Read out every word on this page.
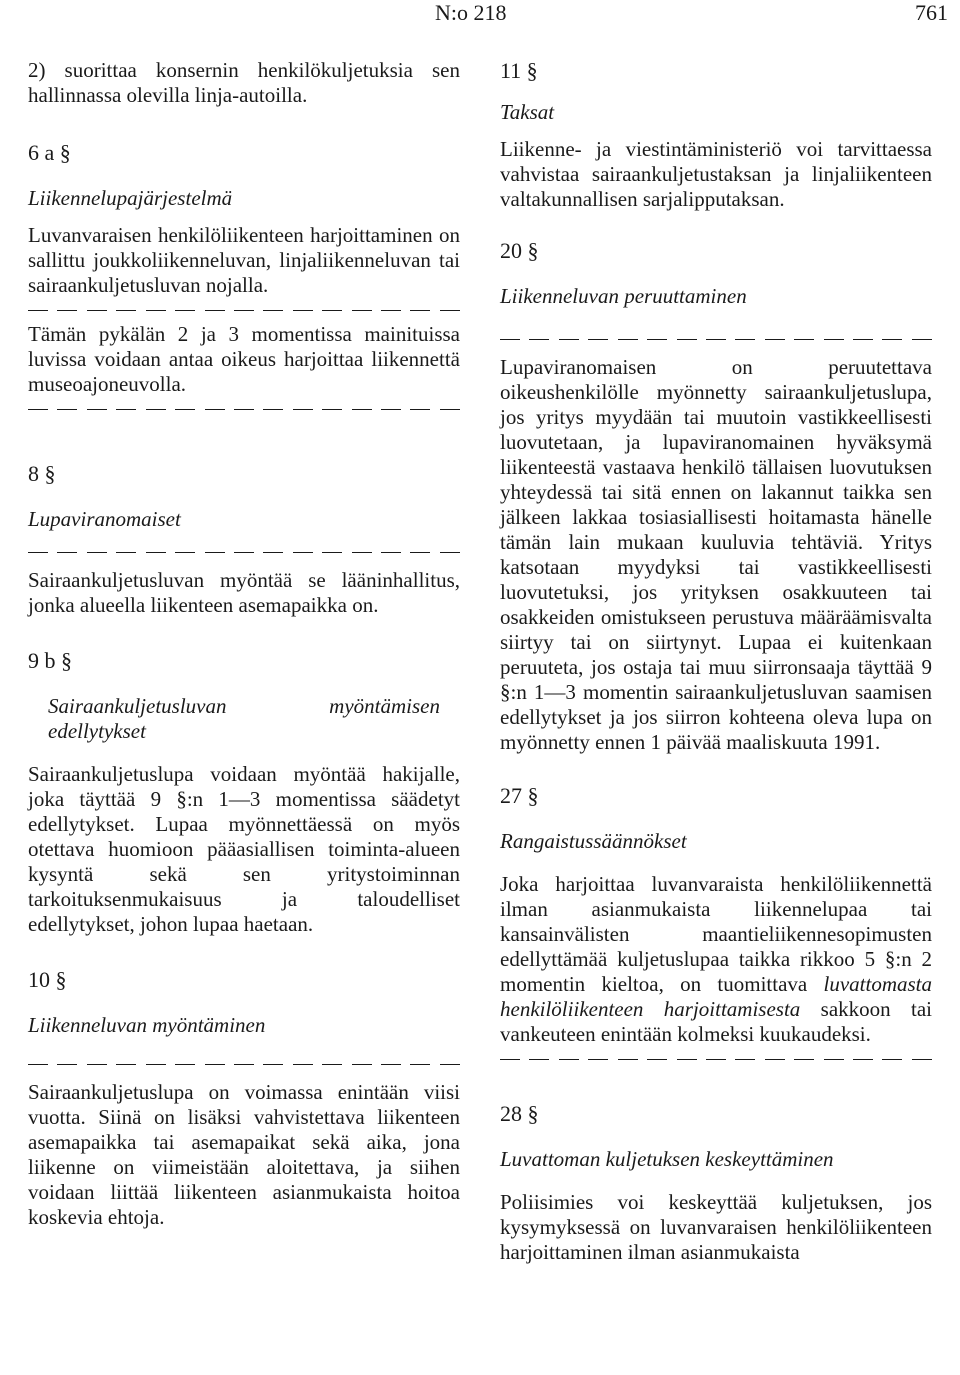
N:o 218	761

2) suorittaa konsernin henkilökuljetuksia sen hallinnassa olevilla linja-autoilla.

6 a §

Liikennelupajärjestelmä

Luvanvaraisen henkilöliikenteen harjoittaminen on sallittu joukkoliikenneluvan, linjaliikenneluvan tai sairaankuljetusluvan nojalla.

Tämän pykälän 2 ja 3 momentissa mainituissa luvissa voidaan antaa oikeus harjoittaa liikennettä museoajoneuvolla.

8 §

Lupaviranomaiset

Sairaankuljetusluvan myöntää se lääninhallitus, jonka alueella liikenteen asemapaikka on.

9 b §

Sairaankuljetusluvan myöntämisen edellytykset

Sairaankuljetuslupa voidaan myöntää hakijalle, joka täyttää 9 §:n 1—3 momentissa säädetyt edellytykset. Lupaa myönnettäessä on myös otettava huomioon pääasiallisen toiminta-alueen kysyntä sekä sen yritystoiminnan tarkoituksenmukaisuus ja taloudelliset edellytykset, johon lupaa haetaan.

10 §

Liikenneluvan myöntäminen

Sairaankuljetuslupa on voimassa enintään viisi vuotta. Siinä on lisäksi vahvistettava liikenteen asemapaikka tai asemapaikat sekä aika, jona liikenne on viimeistään aloitettava, ja siihen voidaan liittää liikenteen asianmukaista hoitoa koskevia ehtoja.

11 §

Taksat

Liikenne- ja viestintäministeriö voi tarvittaessa vahvistaa sairaankuljetustaksan ja linjaliikenteen valtakunnallisen sarjalipputaksan.

20 §

Liikenneluvan peruuttaminen

Lupaviranomaisen on peruutettava oikeushenkilölle myönnetty sairaankuljetuslupa, jos yritys myydään tai muutoin vastikkeellisesti luovutetaan, ja lupaviranomainen hyväksymä liikenteestä vastaava henkilö tällaisen luovutuksen yhteydessä tai sitä ennen on lakannut taikka sen jälkeen lakkaa tosiasiallisesti hoitamasta hänelle tämän lain mukaan kuuluvia tehtäviä. Yritys katsotaan myydyksi tai vastikkeellisesti luovutetuksi, jos yrityksen osakkuuteen tai osakkeiden omistukseen perustuva määräämisvalta siirtyy tai on siirtynyt. Lupaa ei kuitenkaan peruuteta, jos ostaja tai muu siirronsaaja täyttää 9 §:n 1—3 momentin sairaankuljetusluvan saamisen edellytykset ja jos siirron kohteena oleva lupa on myönnetty ennen 1 päivää maaliskuuta 1991.

27 §

Rangaistussäännökset

Joka harjoittaa luvanvaraista henkilöliikennettä ilman asianmukaista liikennelupaa tai kansainvälisten maantieliikennesopimusten edellyttämää kuljetuslupaa taikka rikkoo 5 §:n 2 momentin kieltoa, on tuomittava luvattomasta henkilöliikenteen harjoittamisesta sakkoon tai vankeuteen enintään kolmeksi kuukaudeksi.

28 §

Luvattoman kuljetuksen keskeyttäminen

Poliisimies voi keskeyttää kuljetuksen, jos kysymyksessä on luvanvaraisen henkilöliikenteen harjoittaminen ilman asianmukaista
